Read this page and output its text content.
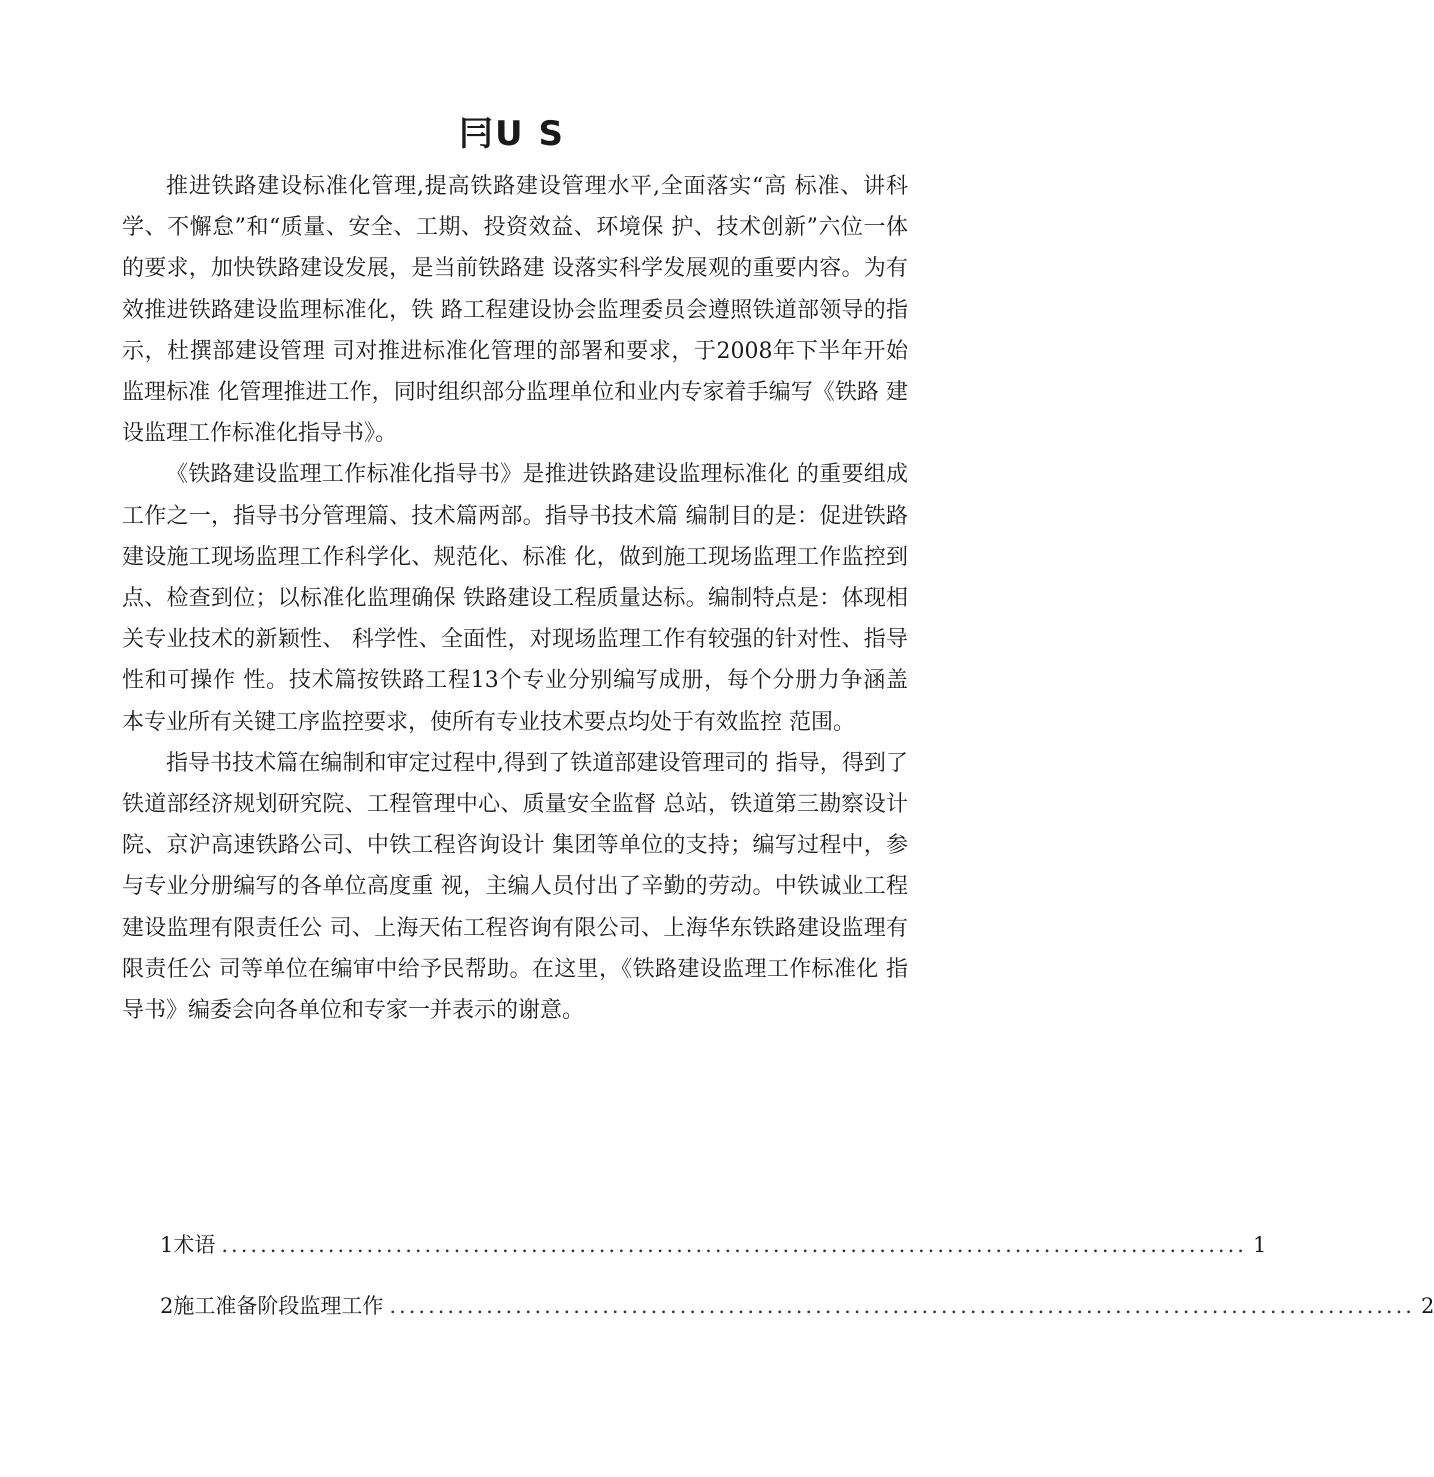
冃U S

推进铁路建设标准化管理,提高铁路建设管理水平,全面落实“高 标准、讲科学、不懈怠”和“质量、安全、工期、投资效益、环境保 护、技术创新”六位一体的要求，加快铁路建设发展，是当前铁路建 设落实科学发展观的重要内容。为有效推进铁路建设监理标准化，铁 路工程建设协会监理委员会遵照铁道部领导的指示，杜撰部建设管理 司对推进标准化管理的部署和要求，于2008年下半年开始监理标准 化管理推进工作，同时组织部分监理单位和业内专家着手编写《铁路 建设监理工作标准化指导书》。

《铁路建设监理工作标准化指导书》是推进铁路建设监理标准化 的重要组成工作之一，指导书分管理篇、技术篇两部。指导书技术篇 编制目的是：促进铁路建设施工现场监理工作科学化、规范化、标准 化，做到施工现场监理工作监控到点、检查到位；以标准化监理确保 铁路建设工程质量达标。编制特点是：体现相关专业技术的新颖性、 科学性、全面性，对现场监理工作有较强的针对性、指导性和可操作 性。技术篇按铁路工程13个专业分别编写成册，每个分册力争涵盖 本专业所有关键工序监控要求，使所有专业技术要点均处于有效监控 范围。

指导书技术篇在编制和审定过程中,得到了铁道部建设管理司的 指导，得到了铁道部经济规划研究院、工程管理中心、质量安全监督 总站，铁道第三勘察设计院、京沪高速铁路公司、中铁工程咨询设计 集团等单位的支持；编写过程中，参与专业分册编写的各单位高度重 视，主编人员付出了辛勤的劳动。中铁诚业工程建设监理有限责任公 司、上海天佑工程咨询有限公司、上海华东铁路建设监理有限责任公 司等单位在编审中给予民帮助。在这里，《铁路建设监理工作标准化 指导书》编委会向各单位和专家一并表示的谢意。

1术语 .......................................................................................................... 1
2施工准备阶段监理工作 .......................................................................................................... 2
